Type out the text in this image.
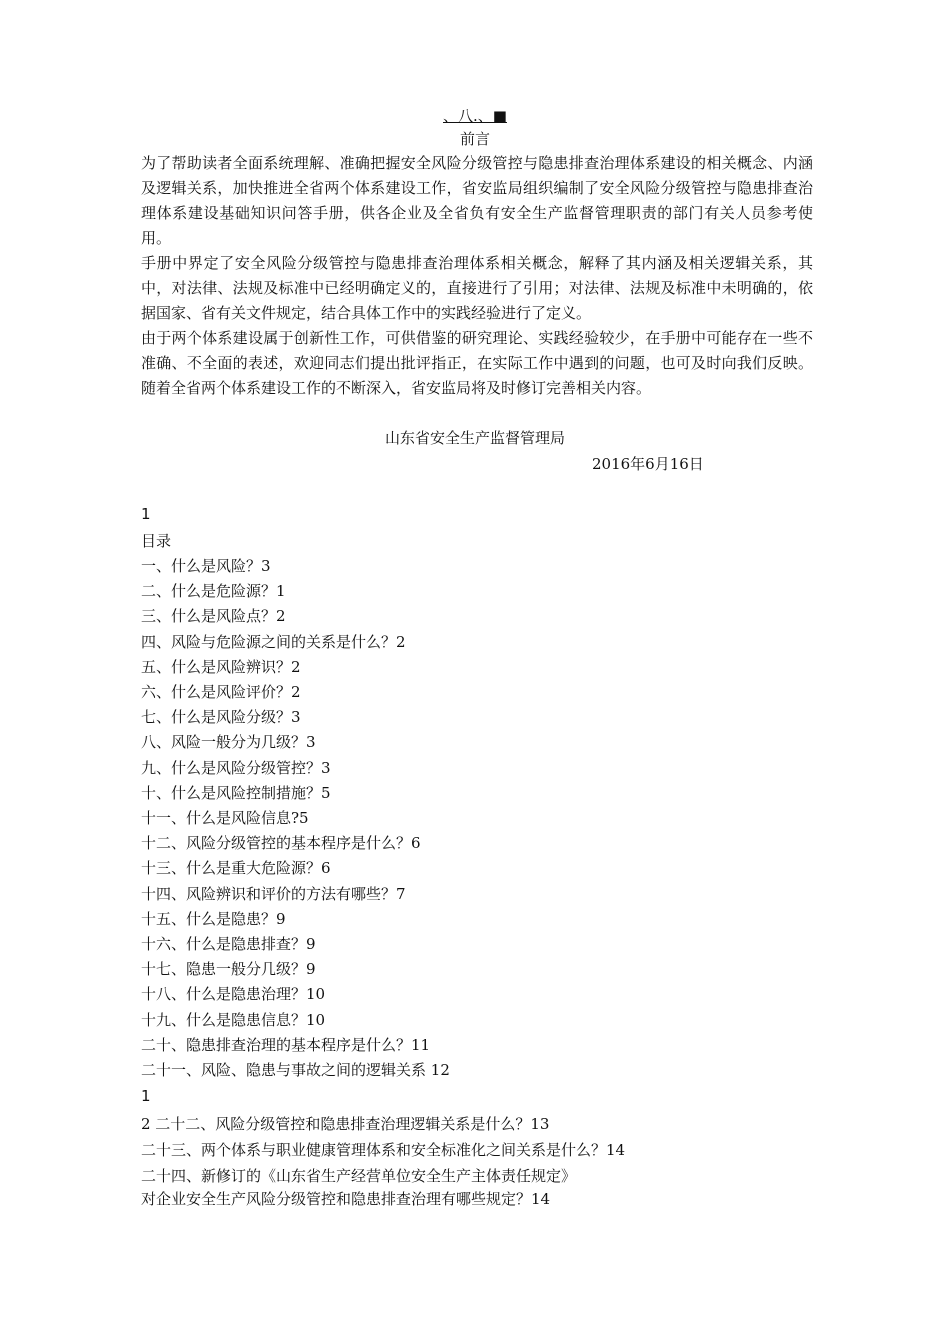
、八.、■
前言

为了帮助读者全面系统理解、准确把握安全风险分级管控与隐患排查治理体系建设的相关概念、内涵及逻辑关系，加快推进全省两个体系建设工作，省安监局组织编制了安全风险分级管控与隐患排查治理体系建设基础知识问答手册，供各企业及全省负有安全生产监督管理职责的部门有关人员参考使用。

手册中界定了安全风险分级管控与隐患排查治理体系相关概念，解释了其内涵及相关逻辑关系，其中，对法律、法规及标准中已经明确定义的，直接进行了引用；对法律、法规及标准中未明确的，依据国家、省有关文件规定，结合具体工作中的实践经验进行了定义。

由于两个体系建设属于创新性工作，可供借鉴的研究理论、实践经验较少，在手册中可能存在一些不准确、不全面的表述，欢迎同志们提出批评指正，在实际工作中遇到的问题，也可及时向我们反映。随着全省两个体系建设工作的不断深入，省安监局将及时修订完善相关内容。

山东省安全生产监督管理局
2016年6月16日
1
目录
一、什么是风险？3
二、什么是危险源？1
三、什么是风险点？2
四、风险与危险源之间的关系是什么？2
五、什么是风险辨识？2
六、什么是风险评价？2
七、什么是风险分级？3
八、风险一般分为几级？3
九、什么是风险分级管控？3
十、什么是风险控制措施？5
十一、什么是风险信息?5
十二、风险分级管控的基本程序是什么？6
十三、什么是重大危险源？6
十四、风险辨识和评价的方法有哪些？7
十五、什么是隐患？9
十六、什么是隐患排查？9
十七、隐患一般分几级？9
十八、什么是隐患治理？10
十九、什么是隐患信息？10
二十、隐患排查治理的基本程序是什么？11
二十一、风险、隐患与事故之间的逻辑关系 12
1
2 二十二、风险分级管控和隐患排查治理逻辑关系是什么？13
二十三、两个体系与职业健康管理体系和安全标准化之间关系是什么？14
二十四、新修订的《山东省生产经营单位安全生产主体责任规定》
对企业安全生产风险分级管控和隐患排查治理有哪些规定？14
